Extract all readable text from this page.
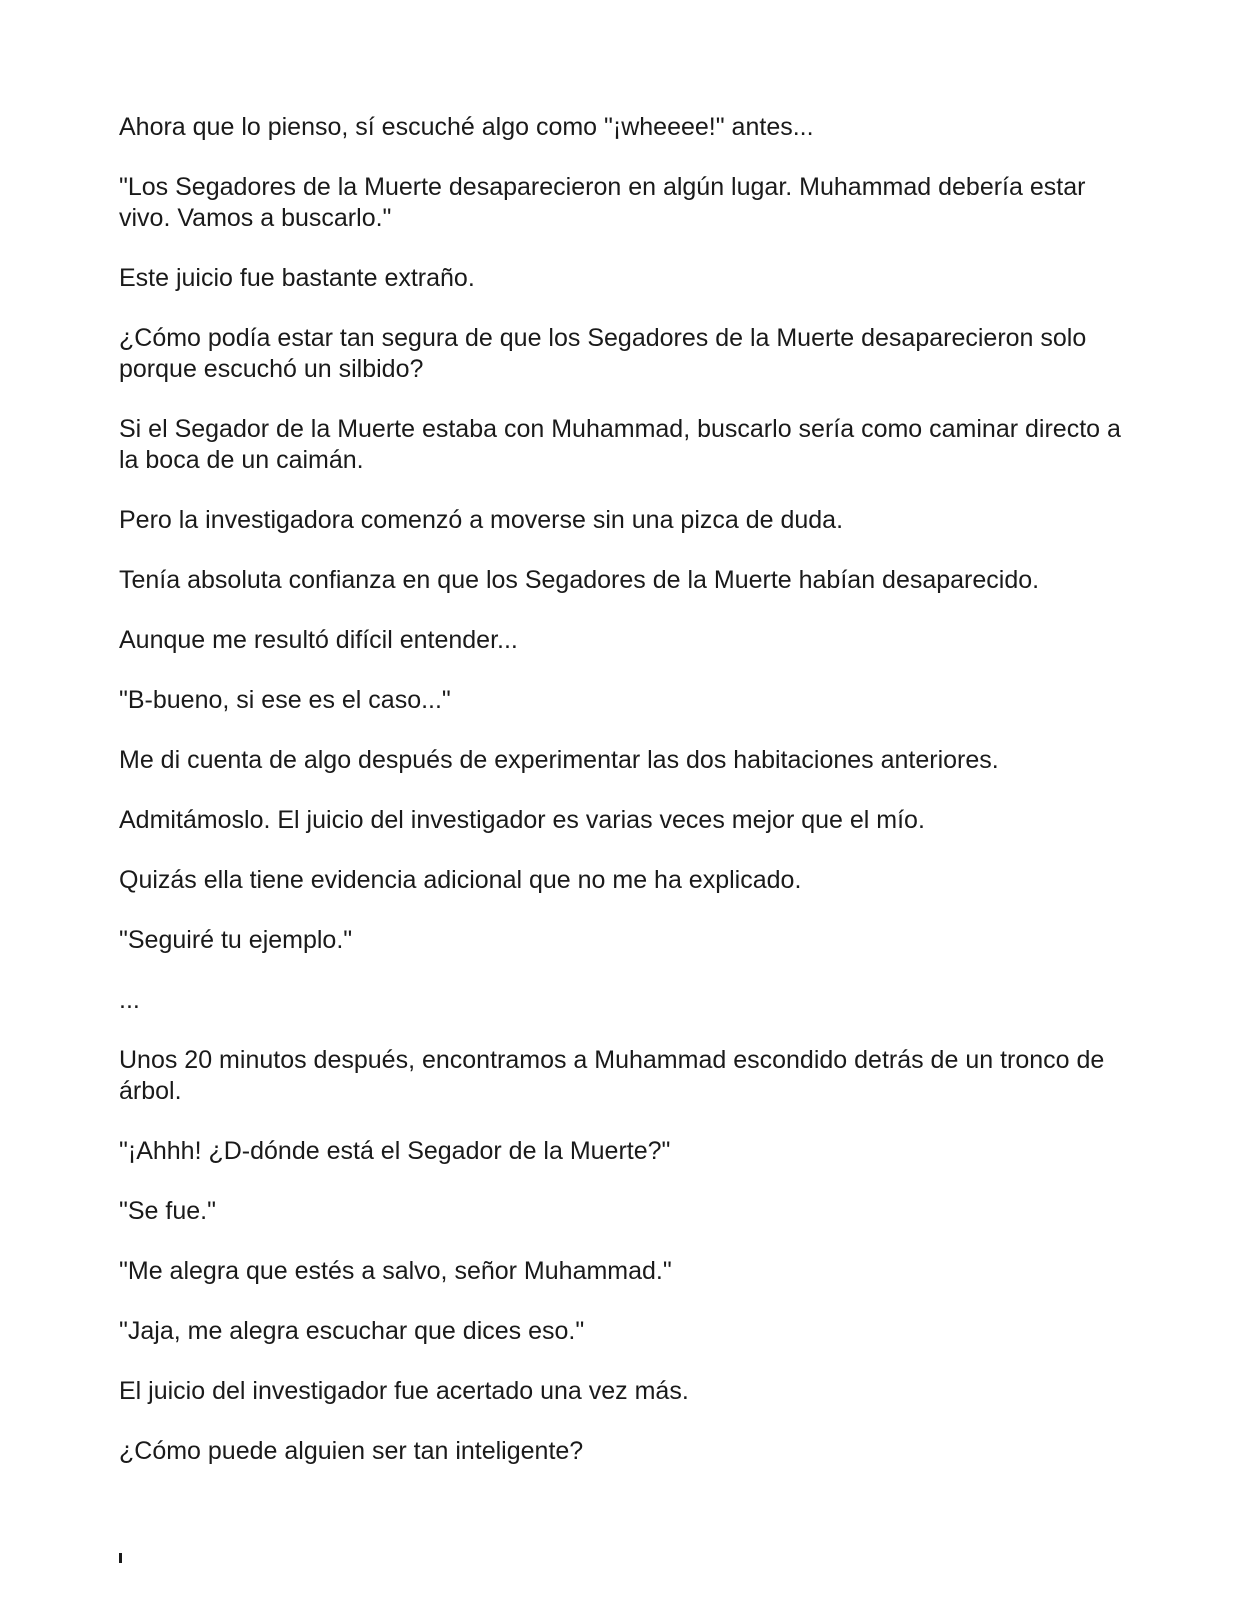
Ahora que lo pienso, sí escuché algo como "¡wheeee!" antes...

"Los Segadores de la Muerte desaparecieron en algún lugar. Muhammad debería estar vivo. Vamos a buscarlo."

Este juicio fue bastante extraño.

¿Cómo podía estar tan segura de que los Segadores de la Muerte desaparecieron solo porque escuchó un silbido?

Si el Segador de la Muerte estaba con Muhammad, buscarlo sería como caminar directo a la boca de un caimán.

Pero la investigadora comenzó a moverse sin una pizca de duda.

Tenía absoluta confianza en que los Segadores de la Muerte habían desaparecido.

Aunque me resultó difícil entender...

"B-bueno, si ese es el caso..."

Me di cuenta de algo después de experimentar las dos habitaciones anteriores.

Admitámoslo. El juicio del investigador es varias veces mejor que el mío.

Quizás ella tiene evidencia adicional que no me ha explicado.

"Seguiré tu ejemplo."

...

Unos 20 minutos después, encontramos a Muhammad escondido detrás de un tronco de árbol.

"¡Ahhh! ¿D-dónde está el Segador de la Muerte?"

"Se fue."

"Me alegra que estés a salvo, señor Muhammad."

"Jaja, me alegra escuchar que dices eso."

El juicio del investigador fue acertado una vez más.

¿Cómo puede alguien ser tan inteligente?
